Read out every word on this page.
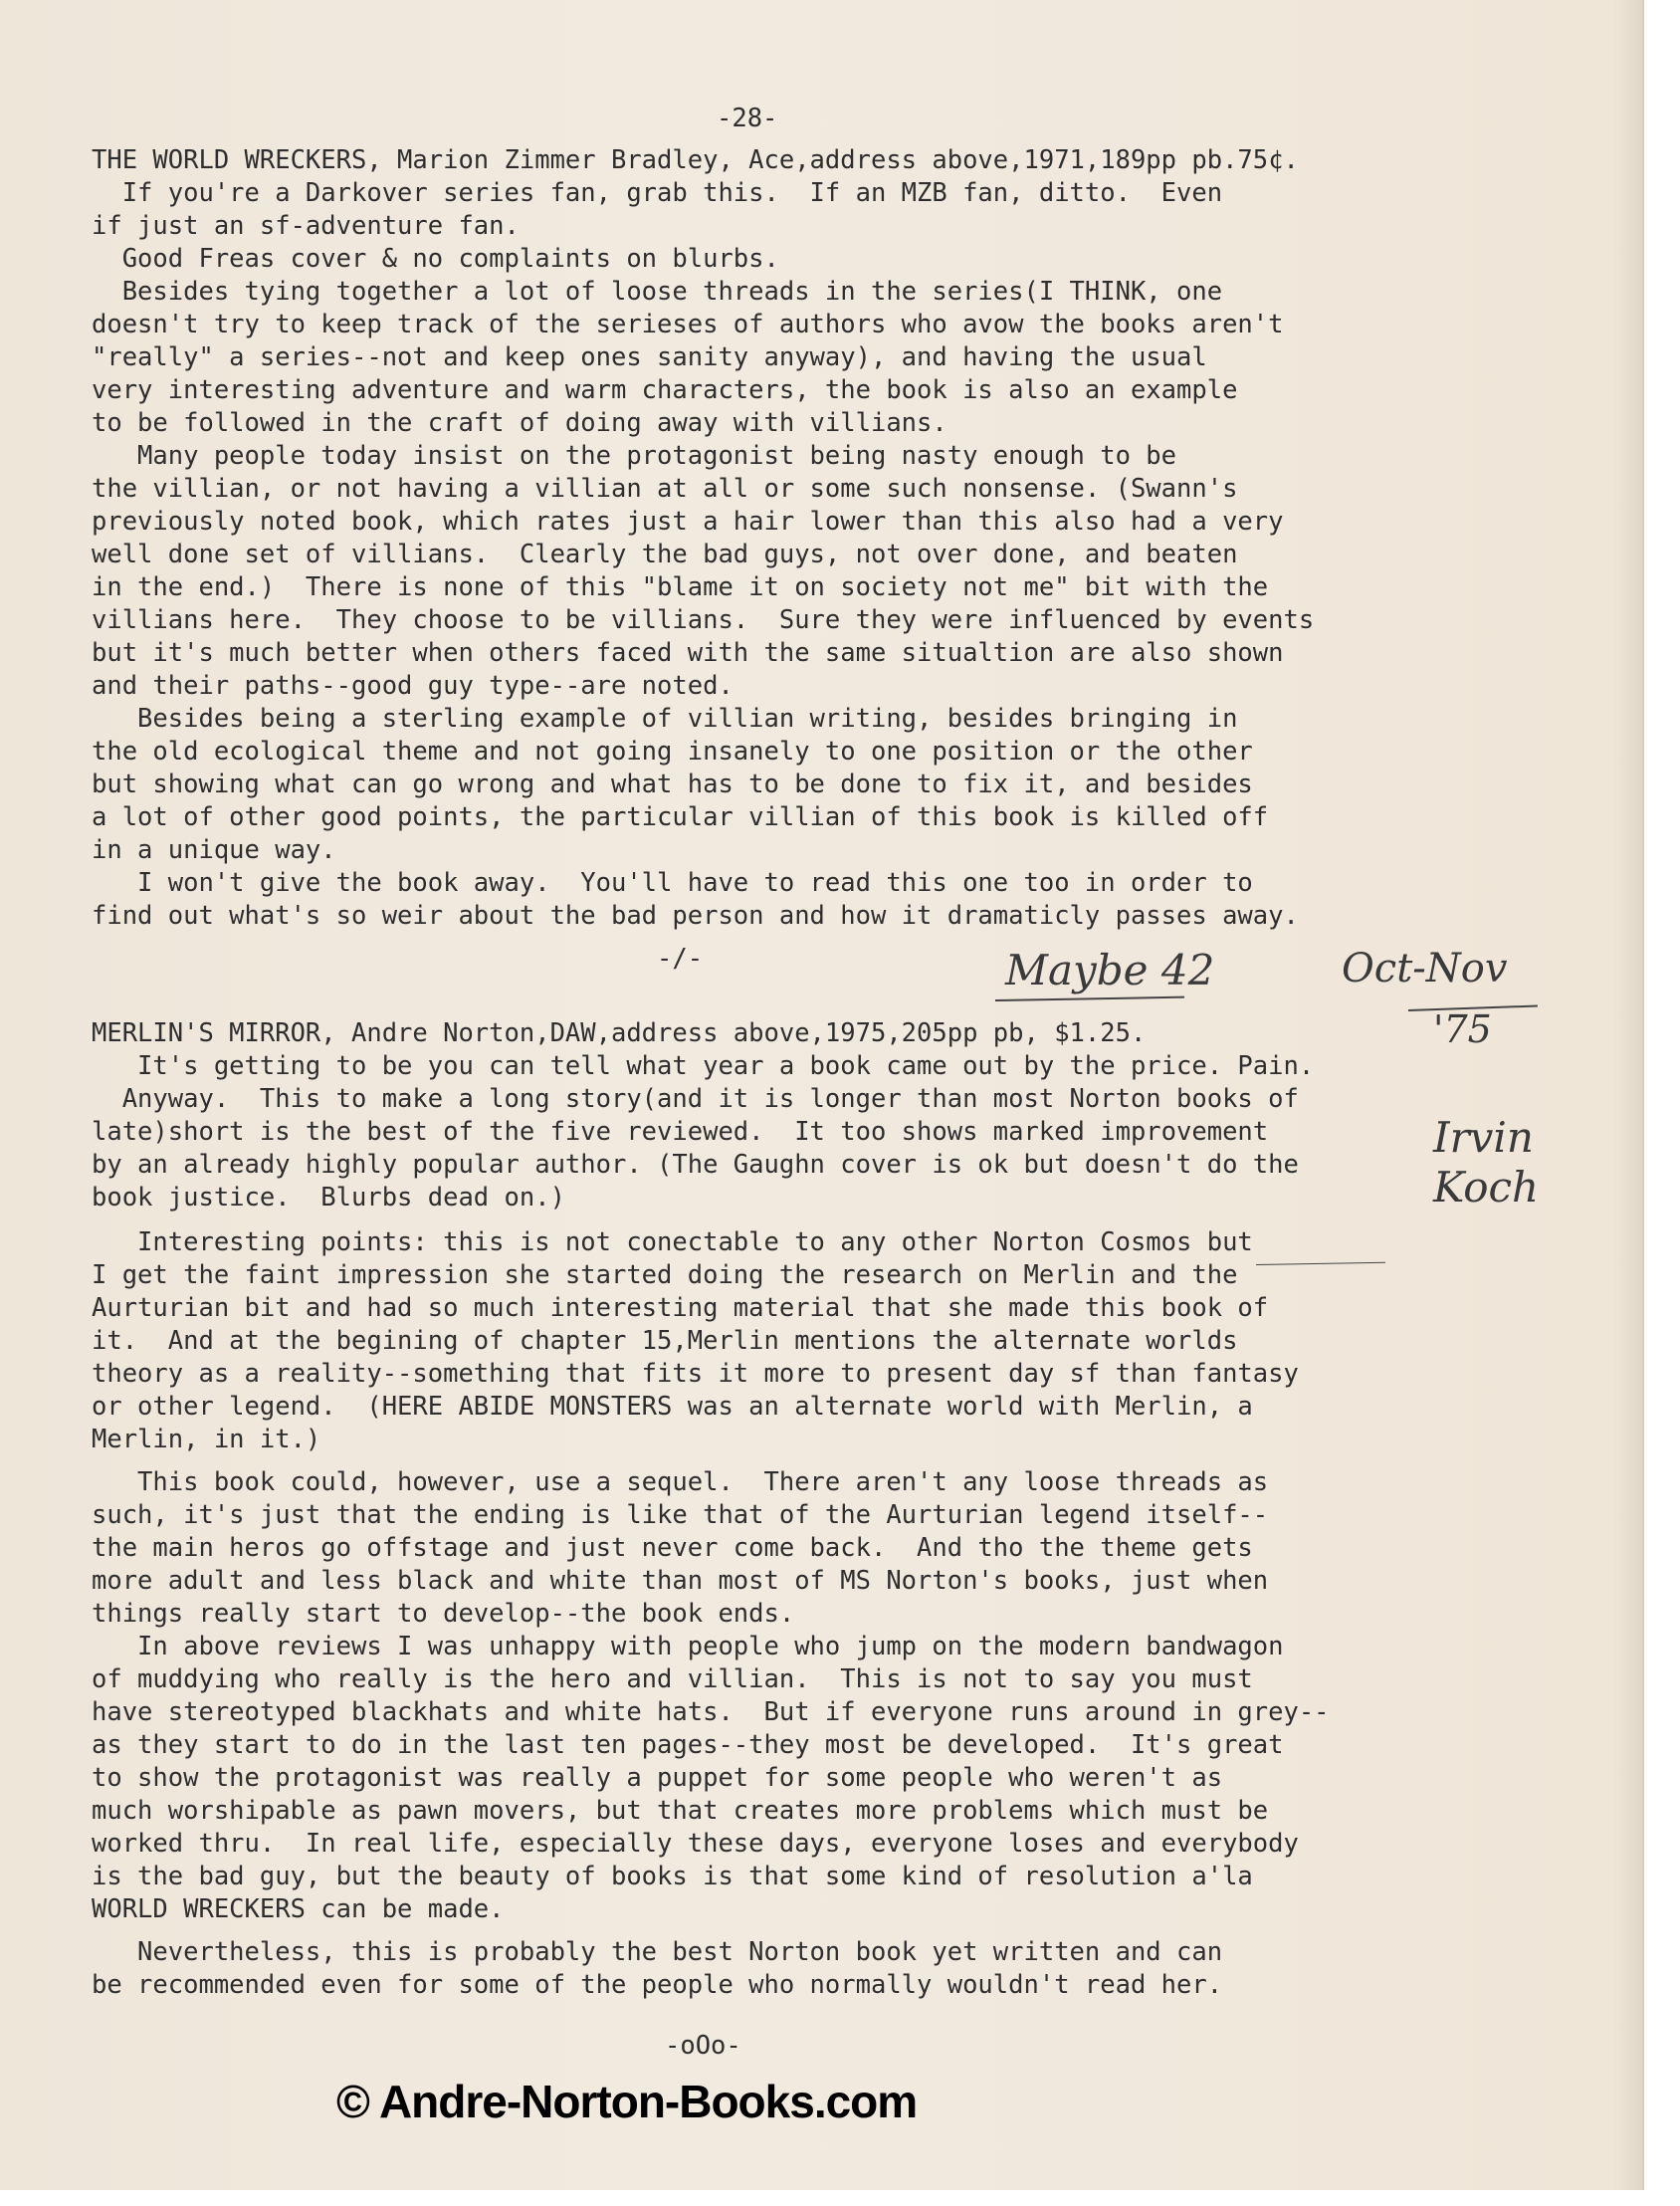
-28-
THE WORLD WRECKERS, Marion Zimmer Bradley, Ace,address above,1971,189pp pb.75¢.
If you're a Darkover series fan, grab this.  If an MZB fan, ditto.  Even
if just an sf-adventure fan.
Good Freas cover & no complaints on blurbs.
Besides tying together a lot of loose threads in the series(I THINK, one
doesn't try to keep track of the serieses of authors who avow the books aren't
"really" a series--not and keep ones sanity anyway), and having the usual
very interesting adventure and warm characters, the book is also an example
to be followed in the craft of doing away with villians.
Many people today insist on the protagonist being nasty enough to be
the villian, or not having a villian at all or some such nonsense. (Swann's
previously noted book, which rates just a hair lower than this also had a very
well done set of villians.  Clearly the bad guys, not over done, and beaten
in the end.)  There is none of this "blame it on society not me" bit with the
villians here.  They choose to be villians.  Sure they were influenced by events
but it's much better when others faced with the same situaltion are also shown
and their paths--good guy type--are noted.
Besides being a sterling example of villian writing, besides bringing in
the old ecological theme and not going insanely to one position or the other
but showing what can go wrong and what has to be done to fix it, and besides
a lot of other good points, the particular villian of this book is killed off
in a unique way.
I won't give the book away.  You'll have to read this one too in order to
find out what's so weir about the bad person and how it dramaticly passes away.
-/-
MERLIN'S MIRROR, Andre Norton,DAW,address above,1975,205pp pb, $1.25.
It's getting to be you can tell what year a book came out by the price. Pain.
Anyway.  This to make a long story(and it is longer than most Norton books of
late)short is the best of the five reviewed.  It too shows marked improvement
by an already highly popular author. (The Gaughn cover is ok but doesn't do the
book justice.  Blurbs dead on.)
Interesting points: this is not conectable to any other Norton Cosmos but
I get the faint impression she started doing the research on Merlin and the
Aurturian bit and had so much interesting material that she made this book of
it.  And at the begining of chapter 15,Merlin mentions the alternate worlds
theory as a reality--something that fits it more to present day sf than fantasy
or other legend.  (HERE ABIDE MONSTERS was an alternate world with Merlin, a
Merlin, in it.)
This book could, however, use a sequel.  There aren't any loose threads as
such, it's just that the ending is like that of the Aurturian legend itself--
the main heros go offstage and just never come back.  And tho the theme gets
more adult and less black and white than most of MS Norton's books, just when
things really start to develop--the book ends.
In above reviews I was unhappy with people who jump on the modern bandwagon
of muddying who really is the hero and villian.  This is not to say you must
have stereotyped blackhats and white hats.  But if everyone runs around in grey--
as they start to do in the last ten pages--they most be developed.  It's great
to show the protagonist was really a puppet for some people who weren't as
much worshipable as pawn movers, but that creates more problems which must be
worked thru.  In real life, especially these days, everyone loses and everybody
is the bad guy, but the beauty of books is that some kind of resolution a'la
WORLD WRECKERS can be made.
Nevertheless, this is probably the best Norton book yet written and can
be recommended even for some of the people who normally wouldn't read her.
-oOo-
Maybe 42	Oct-Nov
'75
Irvin
Koch
© Andre-Norton-Books.com
